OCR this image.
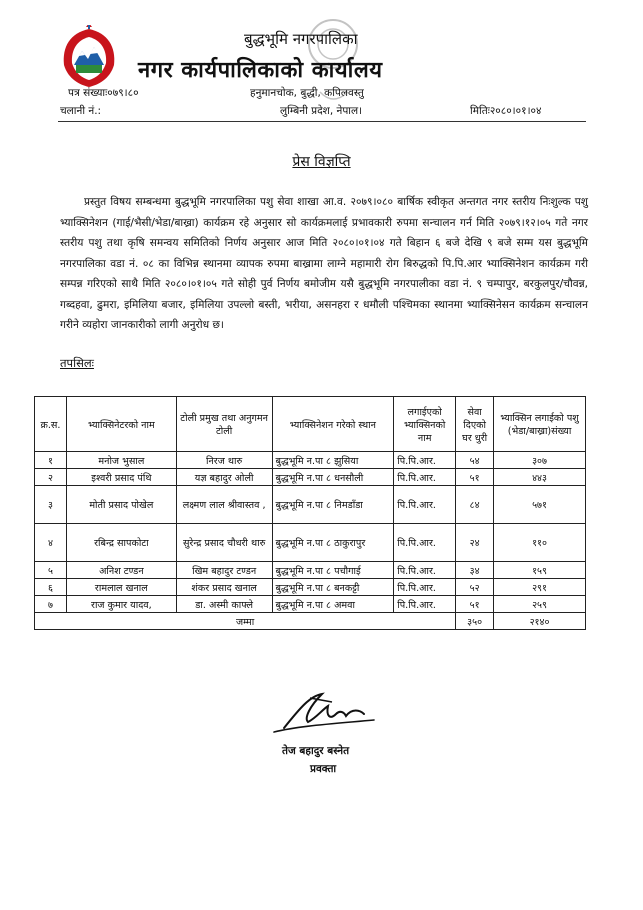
बुद्धभूमि नगरपालिका
नगर कार्यपालिकाको कार्यालय
पत्र संख्याः०७९।८०
चलानी नं.:
हनुमानचोक, बुद्धी, कपिलवस्तु
लुम्बिनी प्रदेश, नेपाल।	मितिः२०८०।०१।०४
प्रेस विज्ञप्ति
प्रस्तुत विषय सम्बन्धमा बुद्धभूमि नगरपालिका पशु सेवा शाखा आ.व. २०७९।०८० बार्षिक स्वीकृत अन्तगत नगर स्तरीय निःशुल्क पशु भ्याक्सिनेशन (गाई/भैसी/भेडा/बाख्रा) कार्यक्रम रहे अनुसार सो कार्यक्रमलाई प्रभावकारी रुपमा सन्चालन गर्न मिति २०७९।१२।०५ गते नगर स्तरीय पशु तथा कृषि समन्वय समितिको निर्णय अनुसार आज मिति २०८०।०१।०४ गते बिहान ६ बजे देखि ९ बजे सम्म यस बुद्धभूमि नगरपालिका वडा नं. ०८ का विभिन्न स्थानमा व्यापक रुपमा बाख्रामा लाग्ने महामारी रोग बिरुद्धको पि.पि.आर भ्याक्सिनेशन कार्यक्रम गरी सम्पन्न गरिएको साथै मिति २०८०।०१।०५ गते सोही पुर्व निर्णय बमोजीम यसै बुद्धभूमि नगरपालीका वडा नं. ९ चम्पापुर, बरकुलपुर/चौवन्न, गब्दहवा, ढुमरा, इमिलिया बजार, इमिलिया उपल्लो बस्ती, भरीया, असनहरा र धमौली पश्चिमका स्थानमा भ्याक्सिनेसन कार्यक्रम सन्चालन गरीने व्यहोरा जानकारीको लागी अनुरोध छ।
तपसिलः
क्र.स.	भ्याक्सिनेटरको नाम	टोली प्रमुख तथा अनुगमन टोली	भ्याक्सिनेशन गरेको स्थान	लगाईएको भ्याक्सिनको नाम	सेवा दिएको घर धुरी	भ्याक्सिन लगाईको पशु (भेडा/बाख्रा)संख्या
१	मनोज भुसाल	निरज थारु	बुद्धभूमि न.पा ८ झुसिया	पि.पि.आर.	५४	३०७
२	इश्वरी प्रसाद पंथि	यज्ञ बहादुर ओली	बुद्धभूमि न.पा ८ धनसौली	पि.पि.आर.	५१	४४३
३	मोती प्रसाद पोखेल	लक्ष्मण लाल श्रीवास्तव ,	बुद्धभूमि न.पा ८ निमडाँडा	पि.पि.आर.	८४	५७१
४	रबिन्द्र सापकोटा	सुरेन्द्र प्रसाद चौधरी थारु	बुद्धभूमि न.पा ८ ठाकुरापुर	पि.पि.आर.	२४	११०
५	अनिश टण्डन	खिम बहादुर टण्डन	बुद्धभूमि न.पा ८ पचौगाई	पि.पि.आर.	३४	१५९
६	रामलाल खनाल	शंकर प्रसाद खनाल	बुद्धभूमि न.पा ८ बनकट्टी	पि.पि.आर.	५२	२९१
७	राज कुमार यादव,	डा. अस्मी काफ्ले	बुद्धभूमि न.पा ८ अमवा	पि.पि.आर.	५१	२५९
जम्मा					३५०	२१४०
तेज बहादुर बस्नेत
प्रवक्ता
